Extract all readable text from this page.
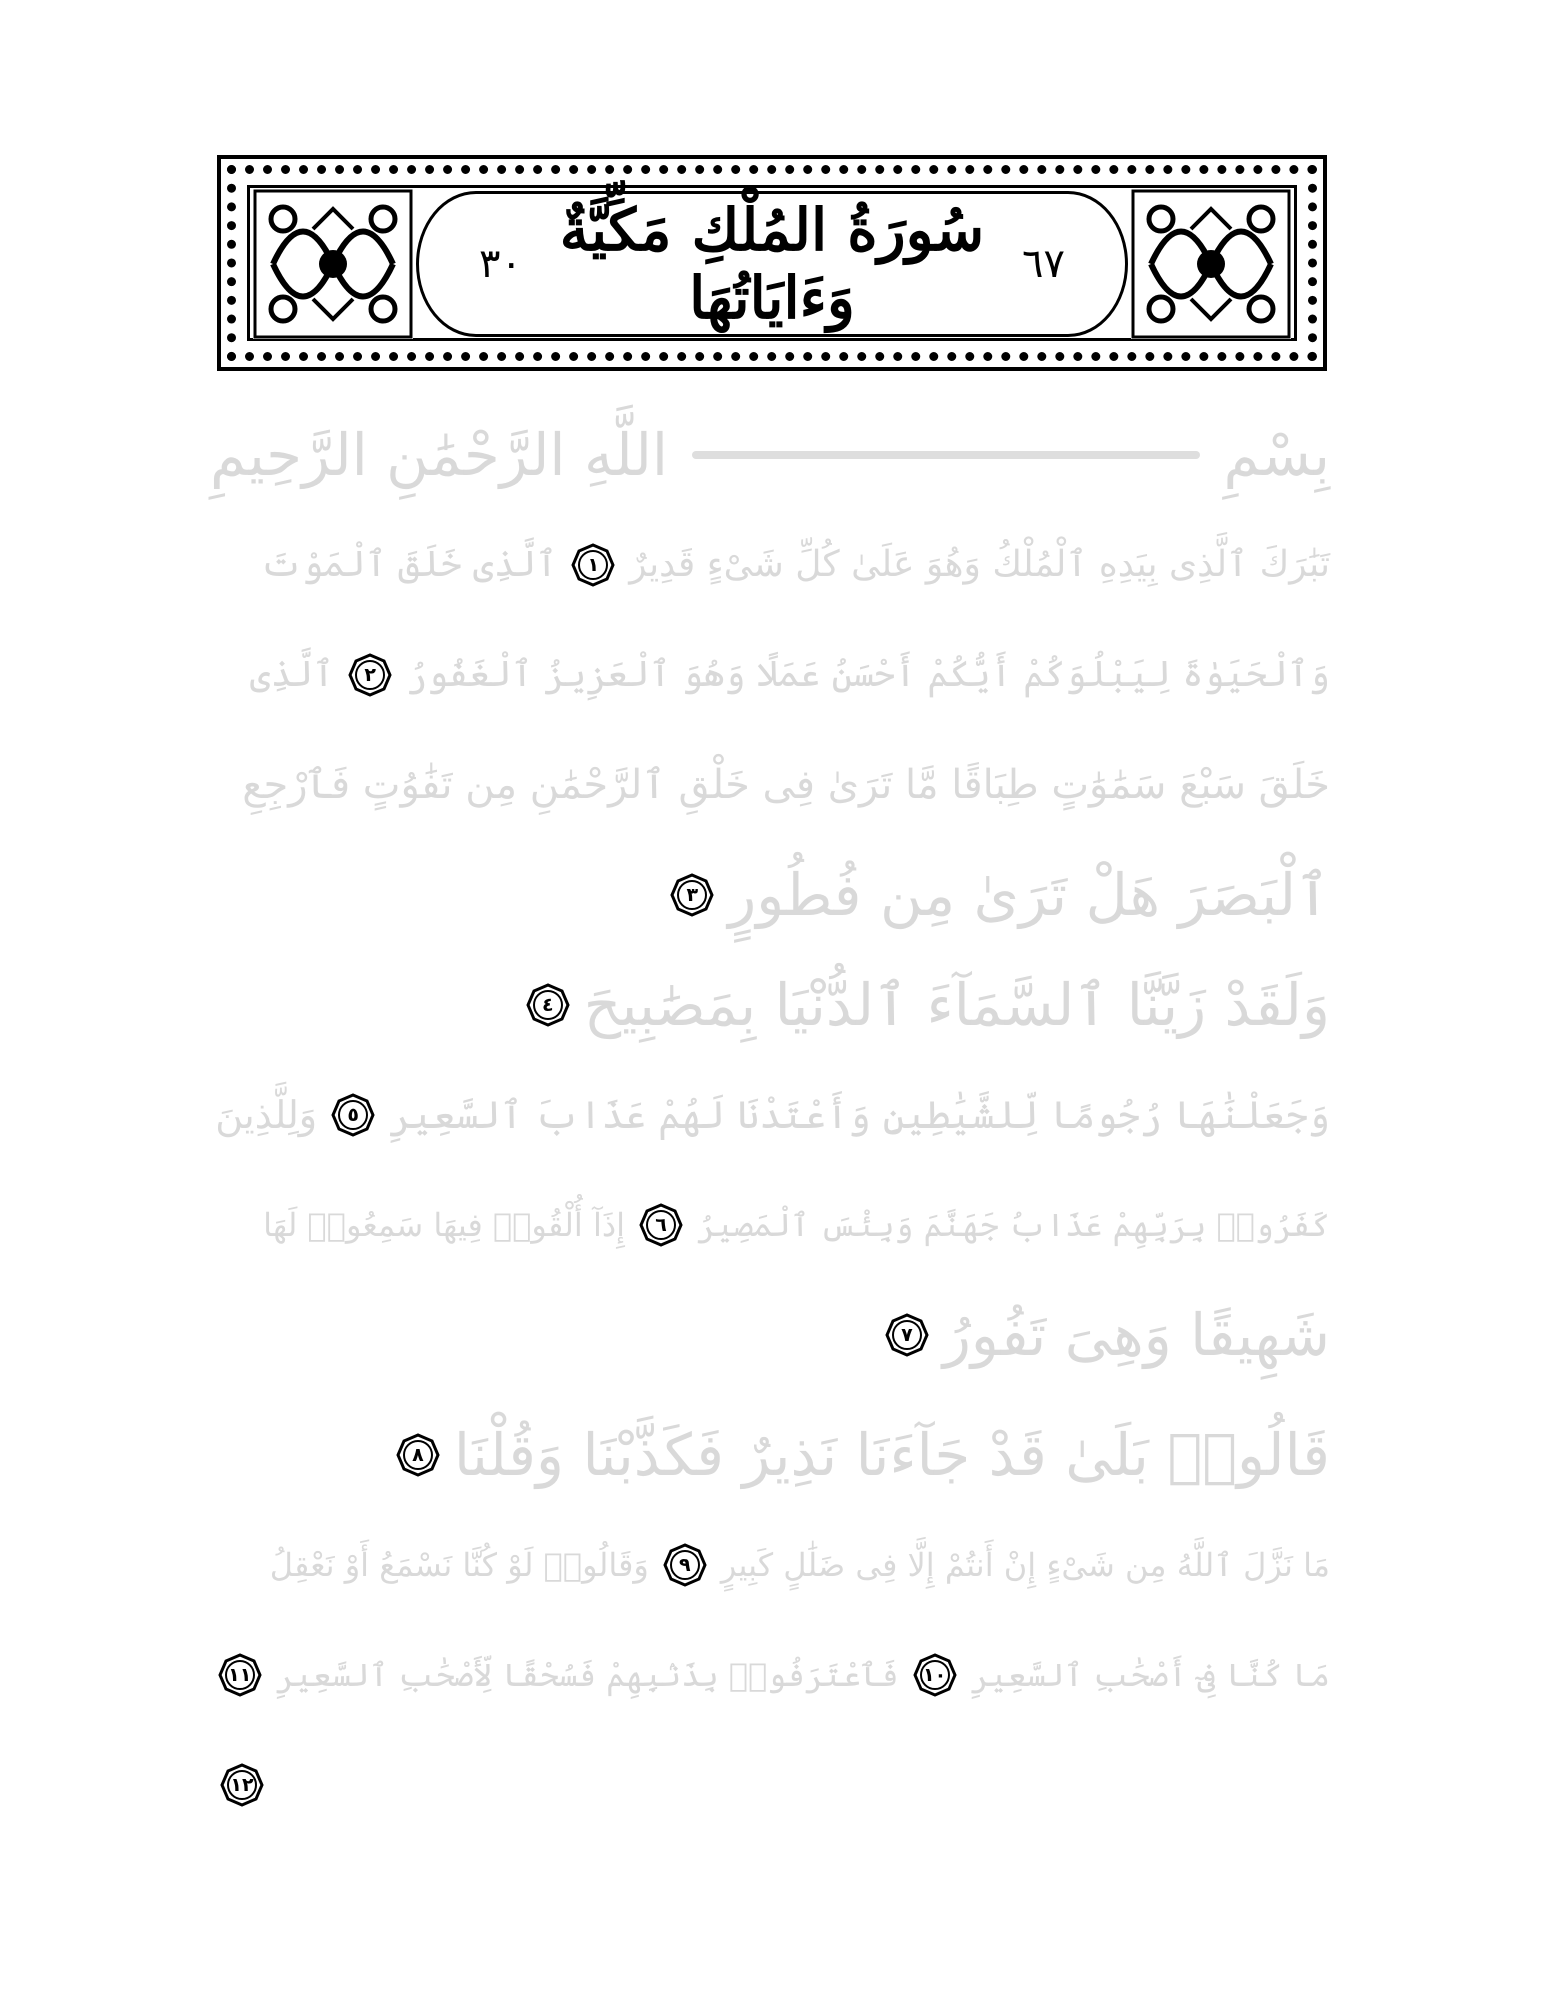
٦٧
سُورَةُ المُلْكِ مَكِّيَّةٌ وَءَايَاتُهَا
٣٠
بِسْمِ
اللَّهِ الرَّحْمَٰنِ الرَّحِيمِ
تَبَٰرَكَ ٱلَّذِى بِيَدِهِ ٱلْمُلْكُ وَهُوَ عَلَىٰ كُلِّ شَىْءٍ قَدِيرٌ
١
ٱلَّذِى خَلَقَ ٱلْمَوْتَ
وَٱلْحَيَوٰةَ لِيَبْلُوَكُمْ أَيُّكُمْ أَحْسَنُ عَمَلًا وَهُوَ ٱلْعَزِيزُ ٱلْغَفُورُ
٢
ٱلَّذِى
خَلَقَ سَبْعَ سَمَٰوَٰتٍ طِبَاقًا مَّا تَرَىٰ فِى خَلْقِ ٱلرَّحْمَٰنِ مِن تَفَٰوُتٍ فَٱرْجِعِ
ٱلْبَصَرَ هَلْ تَرَىٰ مِن فُطُورٍ
٣
وَلَقَدْ زَيَّنَّا ٱلسَّمَآءَ ٱلدُّنْيَا بِمَصَٰبِيحَ
٤
وَجَعَلْنَٰهَا رُجُومًا لِّلشَّيَٰطِينِ وَأَعْتَدْنَا لَهُمْ عَذَابَ ٱلسَّعِيرِ
٥
وَلِلَّذِينَ
كَفَرُوا۟ بِرَبِّهِمْ عَذَابُ جَهَنَّمَ وَبِئْسَ ٱلْمَصِيرُ
٦
إِذَآ أُلْقُوا۟ فِيهَا سَمِعُوا۟ لَهَا
شَهِيقًا وَهِىَ تَفُورُ
٧
قَالُوا۟ بَلَىٰ قَدْ جَآءَنَا نَذِيرٌ فَكَذَّبْنَا وَقُلْنَا
٨
مَا نَزَّلَ ٱللَّهُ مِن شَىْءٍ إِنْ أَنتُمْ إِلَّا فِى ضَلَٰلٍ كَبِيرٍ
٩
وَقَالُوا۟ لَوْ كُنَّا نَسْمَعُ أَوْ نَعْقِلُ
مَا كُنَّا فِىٓ أَصْحَٰبِ ٱلسَّعِيرِ
١٠
فَٱعْتَرَفُوا۟ بِذَنۢبِهِمْ فَسُحْقًا لِّأَصْحَٰبِ ٱلسَّعِيرِ
١١
١٢
